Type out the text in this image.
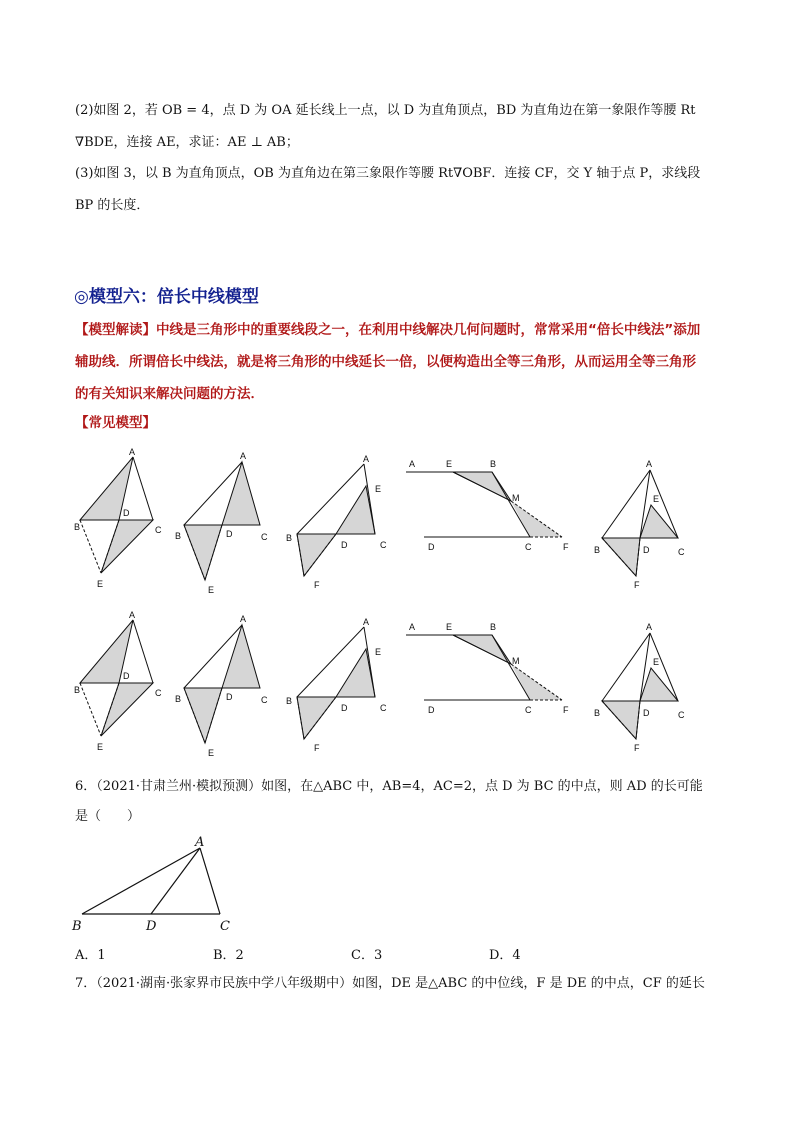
(2)如图 2，若 OB = 4，点 D 为 OA 延长线上一点，以 D 为直角顶点，BD 为直角边在第一象限作等腰 Rt
∇BDE，连接 AE，求证：AE ⊥ AB；
(3)如图 3，以 B 为直角顶点，OB 为直角边在第三象限作等腰 Rt∇OBF．连接 CF，交 Y 轴于点 P，求线段
BP 的长度．
◎模型六：倍长中线模型
【模型解读】中线是三角形中的重要线段之一，在利用中线解决几何问题时，常常采用“倍长中线法”添加
辅助线．所谓倍长中线法，就是将三角形的中线延长一倍，以便构造出全等三角形，从而运用全等三角形
的有关知识来解决问题的方法．
【常见模型】
A
B	C
D
E
A
B	C
D
E
A
B
C
D
E
F
A	E	B
M
D	C	F
A
B	C
D
E
F
A
B	C
D
E
A
B	C
D
E
A
B
C
D
E
F
A	E	B
M
D	C	F
A
B	C
D
E
F
6．（2021·甘肃兰州·模拟预测）如图，在△ABC 中，AB=4，AC=2，点 D 为 BC 的中点，则 AD 的长可能
是（　　）
A
B	D	C
A．1	B．2	C．3	D．4
7．（2021·湖南·张家界市民族中学八年级期中）如图，DE 是△ABC 的中位线，F 是 DE 的中点，CF 的延长
